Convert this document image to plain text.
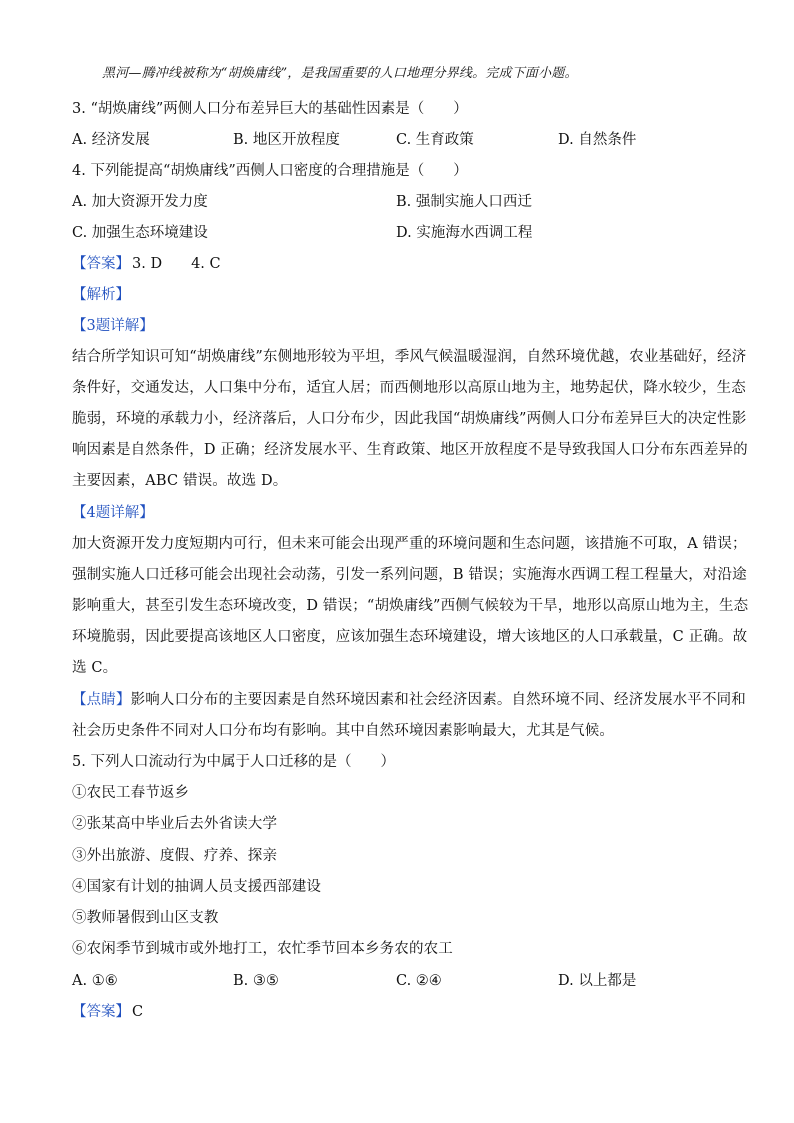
黑河—腾冲线被称为“胡焕庸线”，是我国重要的人口地理分界线。完成下面小题。
3. “胡焕庸线”两侧人口分布差异巨大的基础性因素是（　　）
A. 经济发展	B. 地区开放程度	C. 生育政策	D. 自然条件
4. 下列能提高“胡焕庸线”西侧人口密度的合理措施是（　　）
A. 加大资源开发力度	B. 强制实施人口西迁
C. 加强生态环境建设	D. 实施海水西调工程
【答案】 3. D　　4. C
【解析】
【3题详解】
结合所学知识可知“胡焕庸线”东侧地形较为平坦，季风气候温暖湿润，自然环境优越，农业基础好，经济
条件好，交通发达，人口集中分布，适宜人居；而西侧地形以高原山地为主，地势起伏，降水较少，生态
脆弱，环境的承载力小，经济落后，人口分布少，因此我国“胡焕庸线”两侧人口分布差异巨大的决定性影
响因素是自然条件，D 正确；经济发展水平、生育政策、地区开放程度不是导致我国人口分布东西差异的
主要因素，ABC 错误。故选 D。
【4题详解】
加大资源开发力度短期内可行，但未来可能会出现严重的环境问题和生态问题，该措施不可取，A 错误；
强制实施人口迁移可能会出现社会动荡，引发一系列问题，B 错误；实施海水西调工程工程量大，对沿途
影响重大，甚至引发生态环境改变，D 错误；“胡焕庸线”西侧气候较为干旱，地形以高原山地为主，生态
环境脆弱，因此要提高该地区人口密度，应该加强生态环境建设，增大该地区的人口承载量，C 正确。故
选 C。
【点睛】影响人口分布的主要因素是自然环境因素和社会经济因素。自然环境不同、经济发展水平不同和
社会历史条件不同对人口分布均有影响。其中自然环境因素影响最大，尤其是气候。
5. 下列人口流动行为中属于人口迁移的是（　　）
①农民工春节返乡
②张某高中毕业后去外省读大学
③外出旅游、度假、疗养、探亲
④国家有计划的抽调人员支援西部建设
⑤教师暑假到山区支教
⑥农闲季节到城市或外地打工，农忙季节回本乡务农的农工
A. ①⑥	B. ③⑤	C. ②④	D. 以上都是
【答案】 C
